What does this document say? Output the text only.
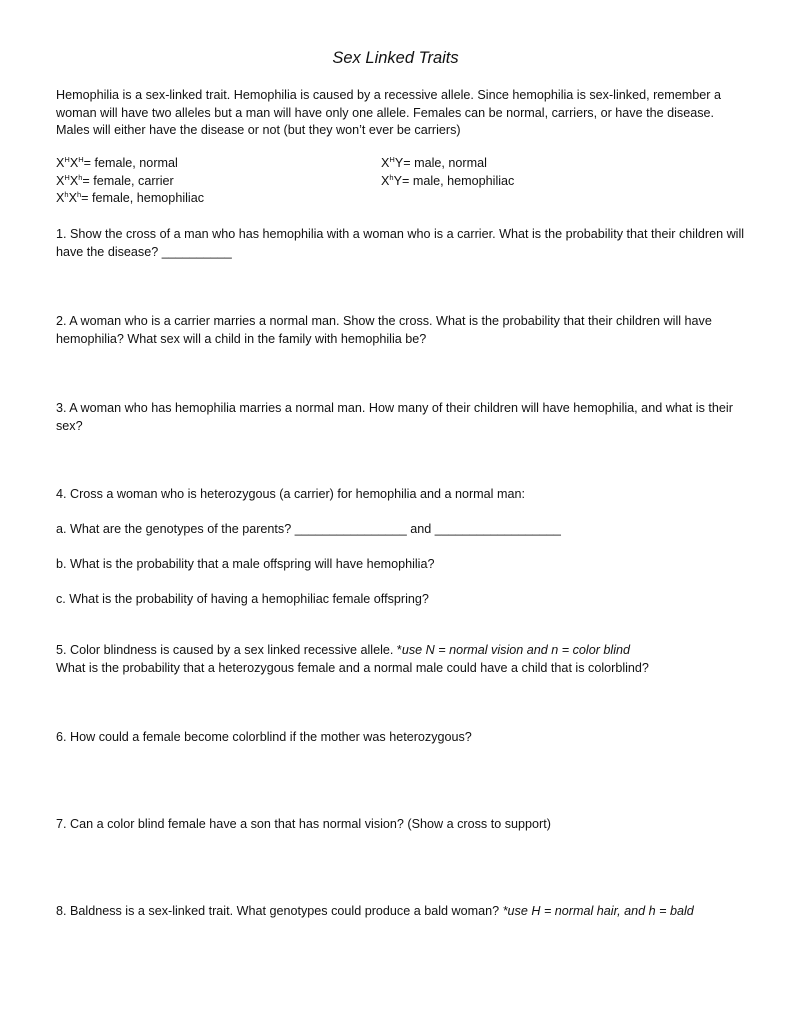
Sex Linked Traits

Hemophilia is a sex-linked trait. Hemophilia is caused by a recessive allele. Since hemophilia is sex-linked, remember a woman will have two alleles but a man will have only one allele. Females can be normal, carriers, or have the disease. Males will either have the disease or not (but they won’t ever be carriers)

$X^HX^H=$ female, normal
$X^HX^h=$ female, carrier
$X^hX^h=$ female, hemophiliac
$X^HY=$ male, normal
$X^hY=$ male, hemophiliac

1. Show the cross of a man who has hemophilia with a woman who is a carrier. What is the probability that their children will have the disease? __________

2. A woman who is a carrier marries a normal man. Show the cross. What is the probability that their children will have hemophilia? What sex will a child in the family with hemophilia be?

3. A woman who has hemophilia marries a normal man. How many of their children will have hemophilia, and what is their sex?

4. Cross a woman who is heterozygous (a carrier) for hemophilia and a normal man:

a. What are the genotypes of the parents? ________________ and __________________

b. What is the probability that a male offspring will have hemophilia?

c. What is the probability of having a hemophiliac female offspring?

5. Color blindness is caused by a sex linked recessive allele. *use N = normal vision and n = color blind
What is the probability that a heterozygous female and a normal male could have a child that is colorblind?

6. How could a female become colorblind if the mother was heterozygous?

7. Can a color blind female have a son that has normal vision? (Show a cross to support)

8. Baldness is a sex-linked trait. What genotypes could produce a bald woman? *use H = normal hair, and h = bald
